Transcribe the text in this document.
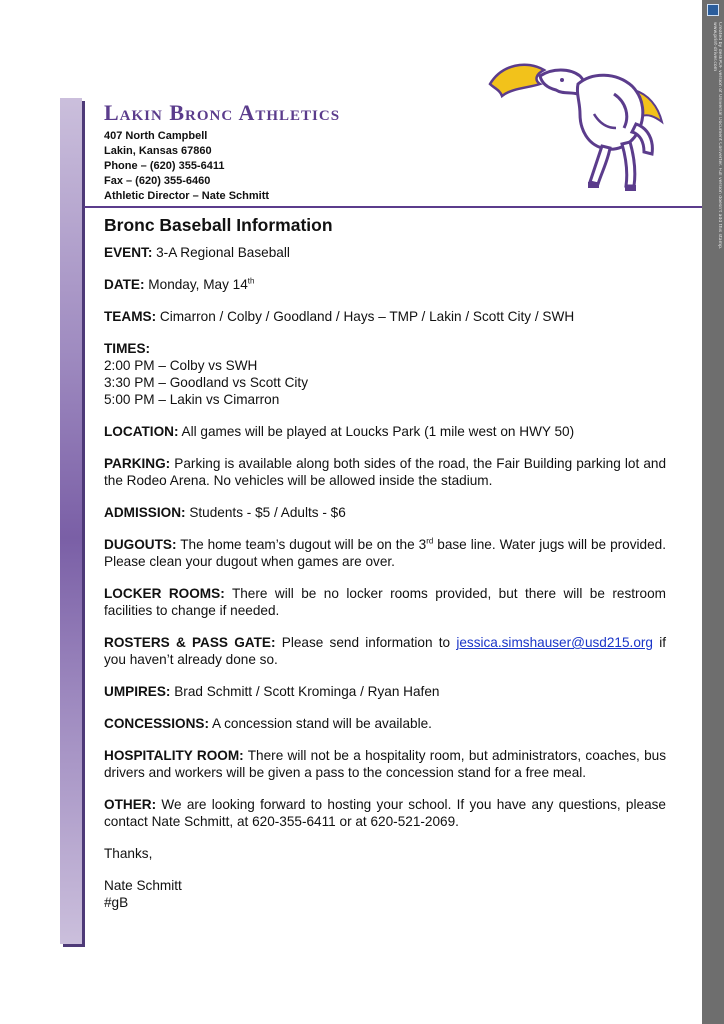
Created by deskPDF version of Universal Document Converter. Full version doesn't add this stamp. www.print-driver.com
Lakin Bronc Athletics
407 North Campbell
Lakin, Kansas 67860
Phone – (620) 355-6411
Fax – (620) 355-6460
Athletic Director – Nate Schmitt
Bronc Baseball Information

EVENT: 3-A Regional Baseball

DATE: Monday, May 14th

TEAMS: Cimarron / Colby / Goodland / Hays – TMP / Lakin / Scott City / SWH

TIMES:
2:00 PM – Colby vs SWH
3:30 PM – Goodland vs Scott City
5:00 PM – Lakin vs Cimarron

LOCATION: All games will be played at Loucks Park (1 mile west on HWY 50)

PARKING: Parking is available along both sides of the road, the Fair Building parking lot and the Rodeo Arena. No vehicles will be allowed inside the stadium.

ADMISSION: Students - $5 / Adults - $6

DUGOUTS: The home team’s dugout will be on the 3rd base line. Water jugs will be provided. Please clean your dugout when games are over.

LOCKER ROOMS: There will be no locker rooms provided, but there will be restroom facilities to change if needed.

ROSTERS & PASS GATE: Please send information to jessica.simshauser@usd215.org if you haven’t already done so.

UMPIRES: Brad Schmitt / Scott Krominga / Ryan Hafen

CONCESSIONS: A concession stand will be available.

HOSPITALITY ROOM: There will not be a hospitality room, but administrators, coaches, bus drivers and workers will be given a pass to the concession stand for a free meal.

OTHER: We are looking forward to hosting your school. If you have any questions, please contact Nate Schmitt, at 620-355-6411 or at 620-521-2069.

Thanks,

Nate Schmitt
#gB
